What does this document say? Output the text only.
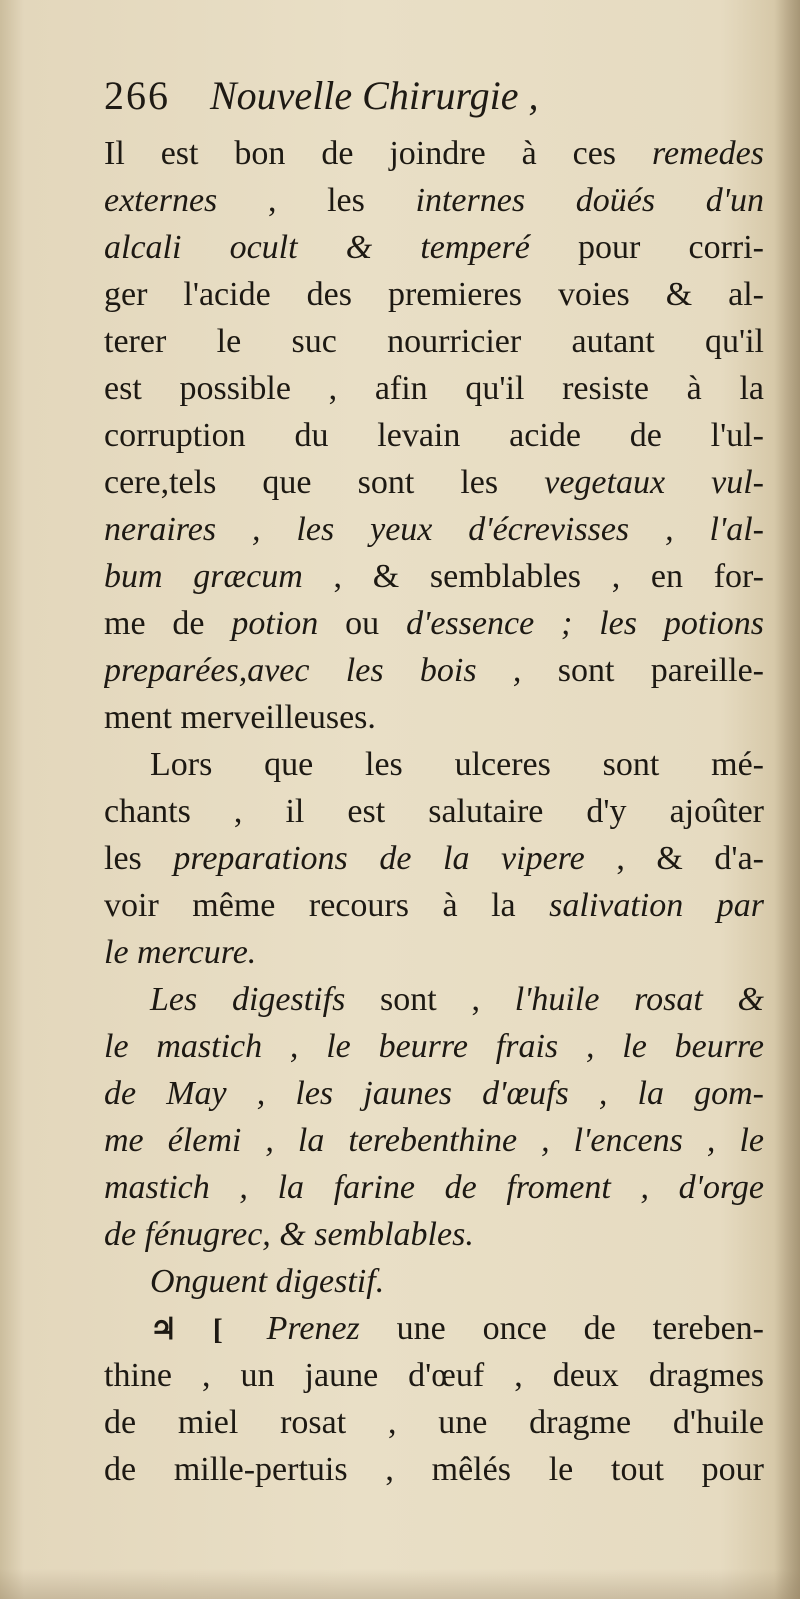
266 Nouvelle Chirurgie ,
Il est bon de joindre à ces remedes
externes , les internes doüés d'un
alcali ocult & temperé pour corri-
ger l'acide des premieres voies & al-
terer le suc nourricier autant qu'il
est possible , afin qu'il resiste à la
corruption du levain acide de l'ul-
cere,tels que sont les vegetaux vul-
neraires , les yeux d'écrevisses , l'al-
bum græcum , & semblables , en for-
me de potion ou d'essence ; les potions
preparées,avec les bois , sont pareille-
ment merveilleuses.
Lors que les ulceres sont mé-
chants , il est salutaire d'y ajoûter
les preparations de la vipere , & d'a-
voir même recours à la salivation par
le mercure.
Les digestifs sont , l'huile rosat &
le mastich , le beurre frais , le beurre
de May , les jaunes d'œufs , la gom-
me élemi , la terebenthine , l'encens , le
mastich , la farine de froment , d'orge
de fénugrec, & semblables.
Onguent digestif.
♃ [ Prenez une once de tereben-
thine , un jaune d'œuf , deux dragmes
de miel rosat , une dragme d'huile
de mille-pertuis , mêlés le tout pour
